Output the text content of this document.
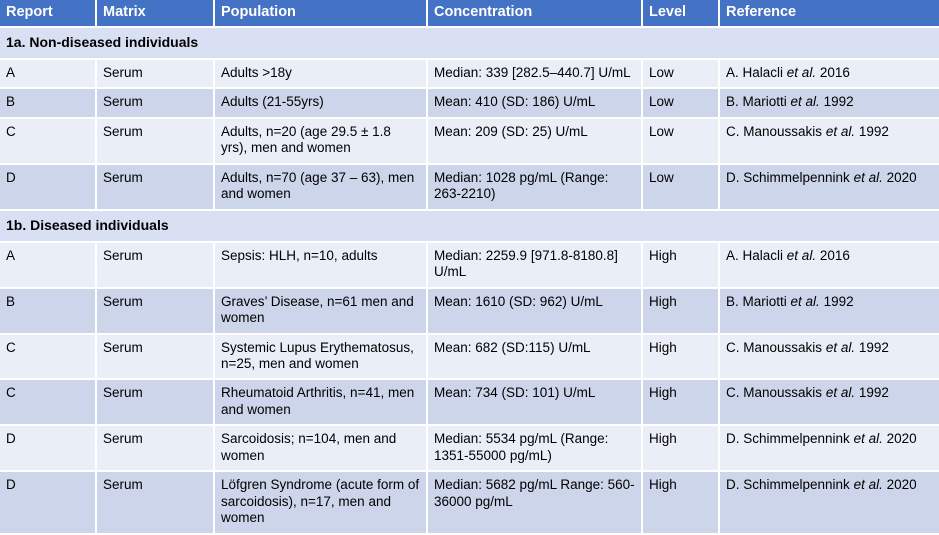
Report	Matrix	Population	Concentration	Level	Reference
1a. Non-diseased individuals					
A	Serum	Adults >18y	Median: 339 [282.5–440.7] U/mL	Low	A. Halacli et al. 2016
B	Serum	Adults (21-55yrs)	Mean: 410 (SD: 186) U/mL	Low	B. Mariotti et al. 1992
C	Serum	Adults, n=20 (age 29.5 ± 1.8 yrs), men and women	Mean: 209 (SD: 25) U/mL	Low	C. Manoussakis et al. 1992
D	Serum	Adults, n=70 (age 37 – 63), men and women	Median: 1028 pg/mL (Range: 263-2210)	Low	D. Schimmelpennink et al. 2020
1b. Diseased individuals					
A	Serum	Sepsis: HLH, n=10, adults	Median: 2259.9 [971.8-8180.8] U/mL	High	A. Halacli et al. 2016
B	Serum	Graves’ Disease, n=61 men and women	Mean: 1610 (SD: 962) U/mL	High	B. Mariotti et al. 1992
C	Serum	Systemic Lupus Erythematosus, n=25, men and women	Mean: 682 (SD:115) U/mL	High	C. Manoussakis et al. 1992
C	Serum	Rheumatoid Arthritis, n=41, men and women	Mean: 734 (SD: 101) U/mL	High	C. Manoussakis et al. 1992
D	Serum	Sarcoidosis; n=104, men and women	Median: 5534 pg/mL (Range: 1351-55000 pg/mL)	High	D. Schimmelpennink et al. 2020
D	Serum	Löfgren Syndrome (acute form of sarcoidosis), n=17, men and women	Median: 5682 pg/mL Range: 560-36000 pg/mL	High	D. Schimmelpennink et al. 2020
